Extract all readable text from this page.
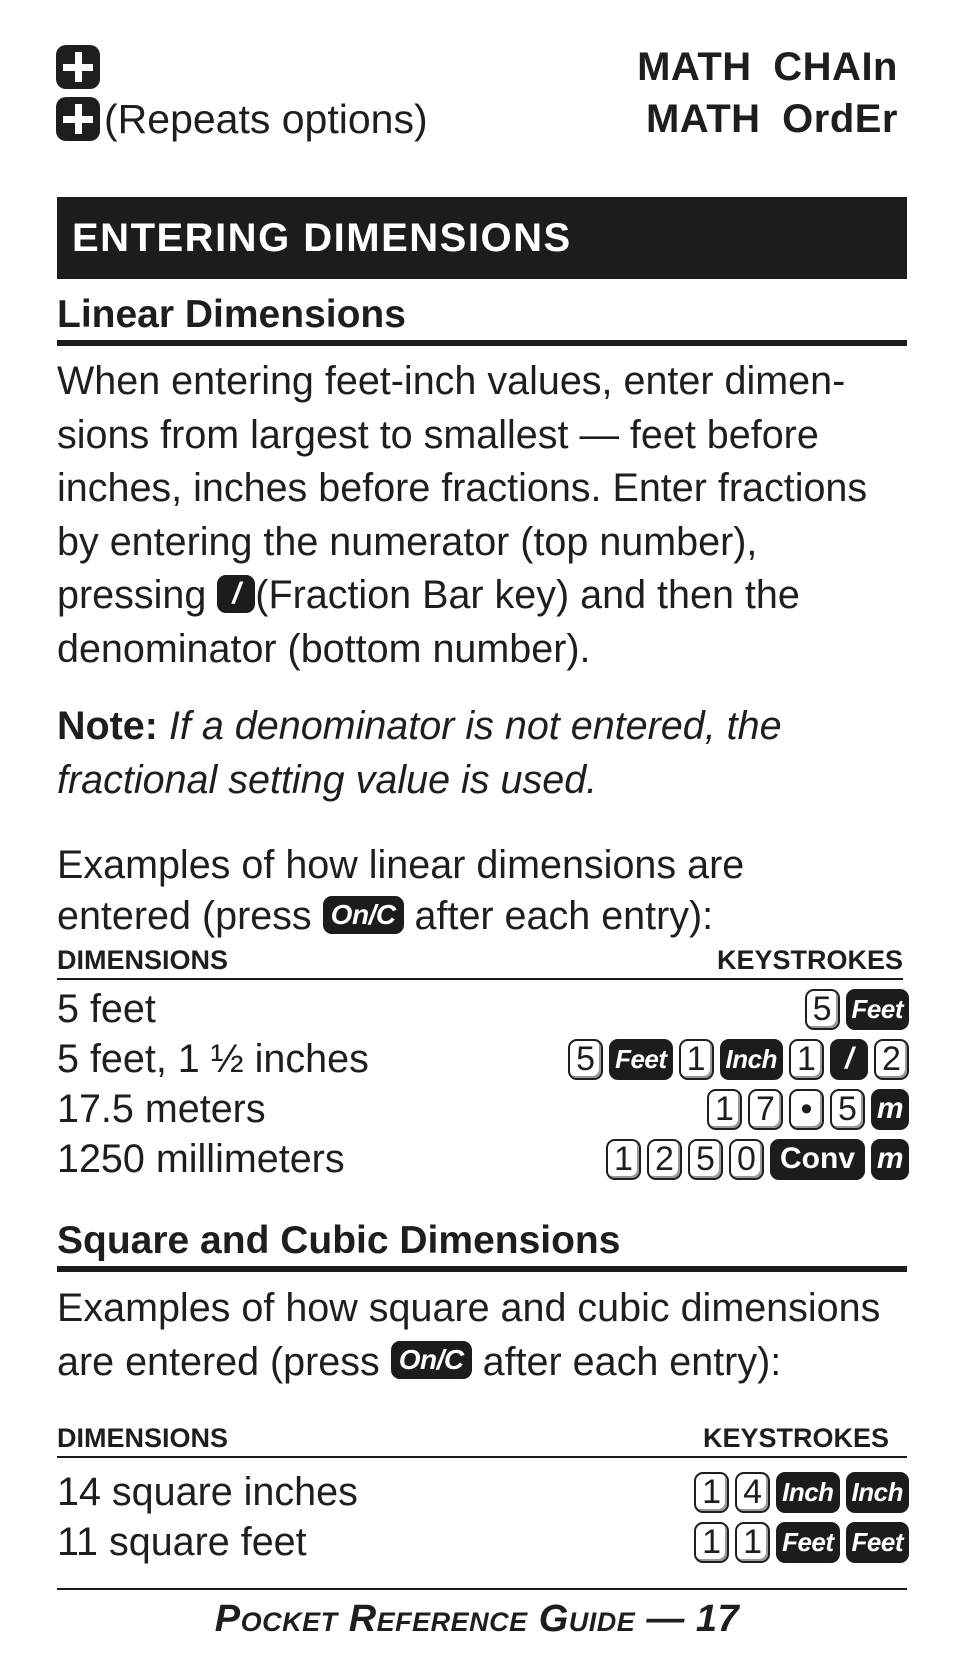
MATH CHAIn
(Repeats options)	MATH OrdEr
ENTERING DIMENSIONS
Linear Dimensions
When entering feet-inch values, enter dimen-sions from largest to smallest — feet before inches, inches before fractions. Enter fractions by entering the numerator (top number), pressing / (Fraction Bar key) and then the denominator (bottom number).
Note: If a denominator is not entered, the fractional setting value is used.
Examples of how linear dimensions are entered (press On/C after each entry):
DIMENSIONS	KEYSTROKES
5 feet	5 Feet
5 feet, 1 ½ inches	5 Feet 1 Inch 1 / 2
17.5 meters	1 7 • 5 m
1250 millimeters	1 2 5 0 Conv m
Square and Cubic Dimensions
Examples of how square and cubic dimensions are entered (press On/C after each entry):
DIMENSIONS	KEYSTROKES
14 square inches	1 4 Inch Inch
11 square feet	1 1 Feet Feet
Pocket Reference Guide — 17
